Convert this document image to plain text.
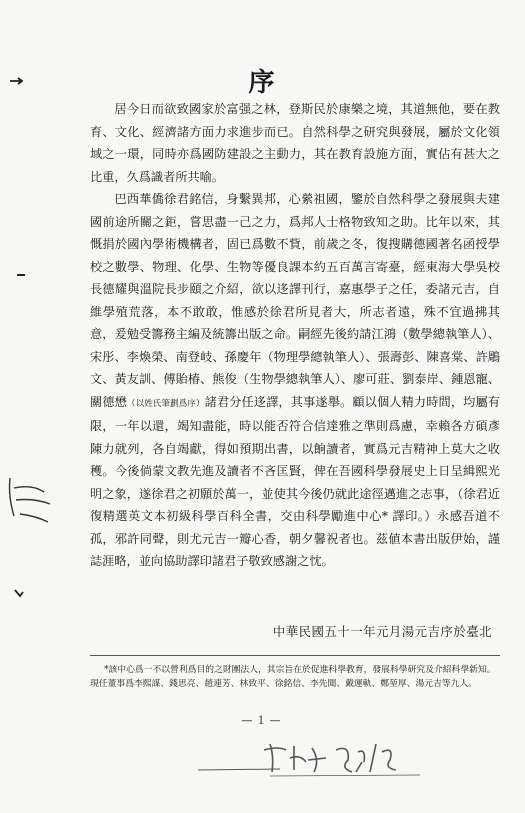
序

居今日而欲致國家於富强之林，登斯民於康樂之境，其道無他，要在教育、文化、經濟諸方面力求進步而已。自然科學之研究與發展，屬於文化領域之一環，同時亦爲國防建設之主動力，其在教育設施方面，實佔有甚大之比重，久爲識者所共喻。

巴西華僑徐君銘信，身繫異邦，心縈祖國，鑒於自然科學之發展與夫建國前途所關之鉅，嘗思盡一己之力，爲邦人士格物致知之助。比年以來，其慨捐於國內學術機構者，固已爲數不貲，前歲之冬，復搜購德國著名函授學校之數學、物理、化學、生物等優良課本約五百萬言寄臺，經東海大學吳校長德耀與溫院長步頤之介紹，欲以迻譯刊行，嘉惠學子之任，委諸元吉，自維學殖荒落，本不敢敢，惟感於徐君所見者大，所志者遠，殊不宜過拂其意，爰勉受籌務主編及統籌出版之命。嗣經先後約請江鴻（數學總執筆人）、宋彤、李煥榮、南登岐、孫慶年（物理學總執筆人）、張壽彭、陳喜棠、許鵰文、黃友訓、傅貽椿、熊俊（生物學總執筆人）、廖可莊、劉泰岸、鍾恩寵、關德懋（以姓氏筆劃爲序）諸君分任迻譯，其事遂舉。顧以個人精力時間，均屬有限，一年以還，竭知盡能，時以能否符合信達雅之準則爲慮，幸賴各方碩彥陳力就列，各自竭獻，得如預期出書，以餉讀者，實爲元吉精神上莫大之收穫。今後倘蒙文教先進及讀者不吝匡賢，俾在吾國科學發展史上日呈緝熙光明之象，遂徐君之初願於萬一，並使其今後仍就此途徑邁進之志事，（徐君近復精選英文本初級科學百科全書，交由科學勵進中心* 譯印。）永感吾道不孤，邪許同聲，則尤元吉一瓣心香，朝夕馨祝者也。茲値本書出版伊始，謹誌涯略，並向協助譯印諸君子敬致感謝之忱。

中華民國五十一年元月湯元吉序於臺北

*該中心爲一不以營利爲目的之財團法人，其宗旨在於促進科學教育，發展科學研究及介紹科學新知。現任董事爲李熙謀、錢思亮、趙連芳、林致平、徐銘信、李先聞、戴運軌、鄭堃厚、湯元吉等九人。

—１—
